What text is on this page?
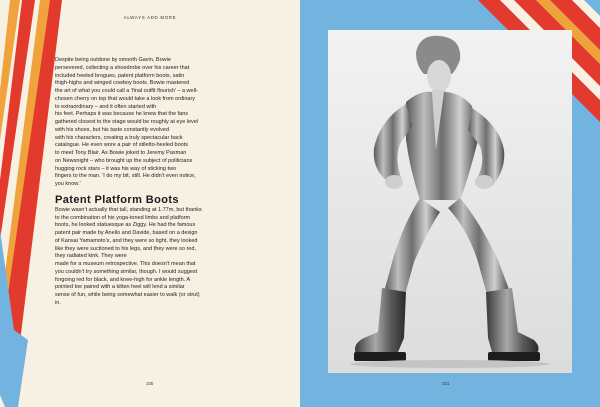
ALWAYS ADD MORE

Despite being outdone by smooth Gavin, Bowie
persevered, collecting a shoedrobe over his career that
included heeled brogues, patent platform boots, satin
thigh-highs and winged cowboy boots. Bowie mastered
the art of what you could call a ‘final outfit flourish’ – a well-
chosen cherry on top that would take a look from ordinary
to extraordinary – and it often started with
his feet. Perhaps it was because he knew that the fans
gathered closest to the stage would be roughly at eye level
with his shoes, but his taste constantly evolved
with his characters, creating a truly spectacular back
catalogue. He even wore a pair of stiletto-heeled boots
to meet Tony Blair. As Bowie joked to Jeremy Paxman
on Newsnight – who brought up the subject of politicians
hugging rock stars – it was his way of sticking two
fingers to the man. ‘I do my bit, still. He didn’t even notice,
you know.’

Patent Platform Boots

Bowie wasn’t actually that tall, standing at 1.77m, but thanks
to the combination of his yoga-toned limbs and platform
boots, he looked statuesque as Ziggy. He had the famous
patent pair made by Anello and Davide, based on a design
of Kansai Yamamoto’s, and they were so tight, they looked
like they were suctioned to his legs, and they were so red,
they radiated kink. They were
made for a museum retrospective. This doesn’t mean that
you couldn’t try something similar, though. I would suggest
forgoing red for black, and knee-high for ankle length. A
pointed toe paired with a kitten heel will lend a similar
sense of fun, while being somewhat easier to walk (or strut)
in.

100	101
